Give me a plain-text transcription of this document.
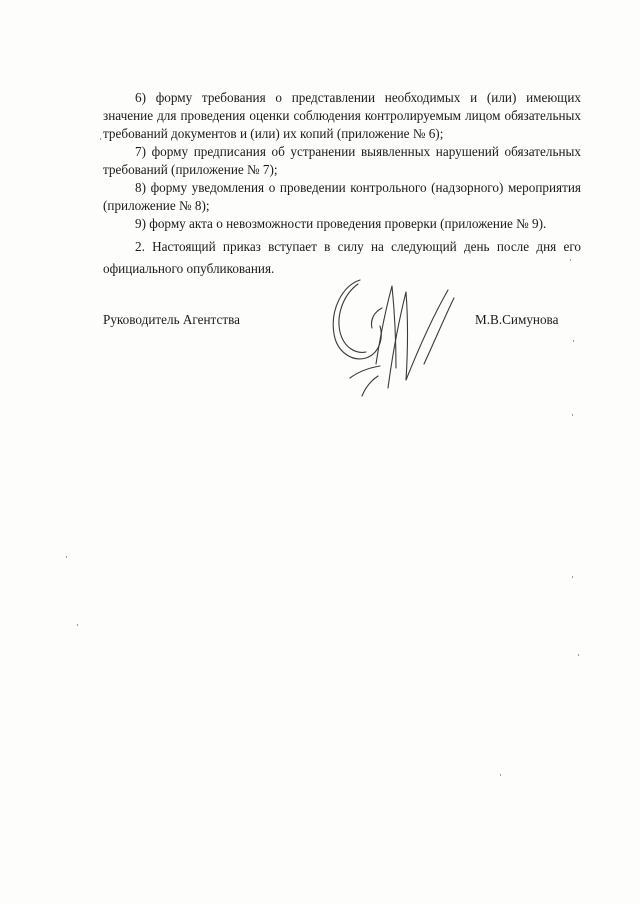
6) форму требования о представлении необходимых и (или) имеющих значение для проведения оценки соблюдения контролируемым лицом обязательных требований документов и (или) их копий (приложение № 6);

7) форму предписания об устранении выявленных нарушений обязательных требований (приложение № 7);

8) форму уведомления о проведении контрольного (надзорного) мероприятия (приложение № 8);

9) форму акта о невозможности проведения проверки (приложение № 9).

2. Настоящий приказ вступает в силу на следующий день после дня его официального опубликования.

Руководитель Агентства	М.В.Симунова
